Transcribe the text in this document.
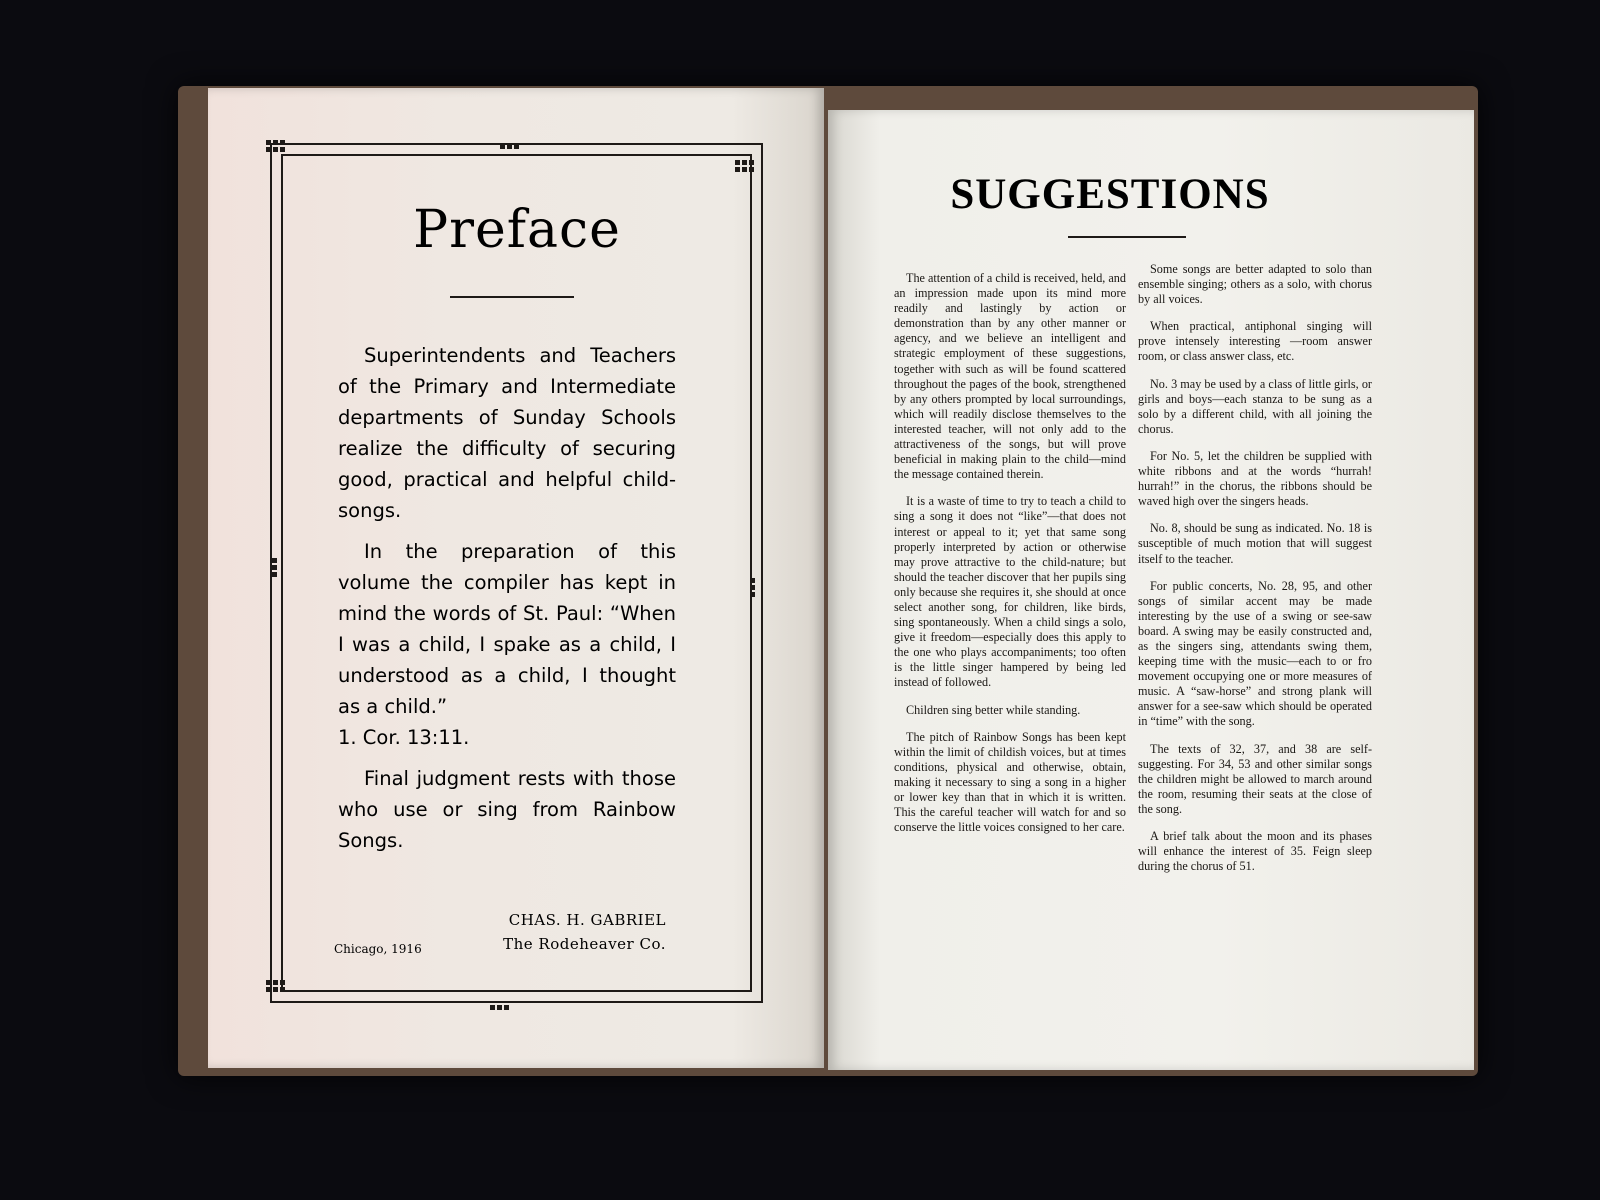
Preface

Superintendents and Teachers of the Primary and Intermediate departments of Sunday Schools realize the difficulty of securing good, practical and helpful child-songs.

In the preparation of this volume the compiler has kept in mind the words of St. Paul: “When I was a child, I spake as a child, I understood as a child, I thought as a child.”

1. Cor. 13:11.

Final judgment rests with those who use or sing from Rainbow Songs.

CHAS. H. GABRIEL
The Rodeheaver Co.
Chicago, 1916
SUGGESTIONS

The attention of a child is received, held, and an impression made upon its mind more readily and lastingly by action or demonstration than by any other manner or agency, and we believe an intelligent and strategic employment of these suggestions, together with such as will be found scattered throughout the pages of the book, strengthened by any others prompted by local surroundings, which will readily disclose themselves to the interested teacher, will not only add to the attractiveness of the songs, but will prove beneficial in making plain to the child—mind the message contained therein.

It is a waste of time to try to teach a child to sing a song it does not “like”—that does not interest or appeal to it; yet that same song properly interpreted by action or otherwise may prove attractive to the child-nature; but should the teacher discover that her pupils sing only because she requires it, she should at once select another song, for children, like birds, sing spontaneously. When a child sings a solo, give it freedom—especially does this apply to the one who plays accompaniments; too often is the little singer hampered by being led instead of followed.

Children sing better while standing.

The pitch of Rainbow Songs has been kept within the limit of childish voices, but at times conditions, physical and otherwise, obtain, making it necessary to sing a song in a higher or lower key than that in which it is written. This the careful teacher will watch for and so conserve the little voices consigned to her care.

Some songs are better adapted to solo than ensemble singing; others as a solo, with chorus by all voices.

When practical, antiphonal singing will prove intensely interesting —room answer room, or class answer class, etc.

No. 3 may be used by a class of little girls, or girls and boys—each stanza to be sung as a solo by a different child, with all joining the chorus.

For No. 5, let the children be supplied with white ribbons and at the words “hurrah! hurrah!” in the chorus, the ribbons should be waved high over the singers heads.

No. 8, should be sung as indicated. No. 18 is susceptible of much motion that will suggest itself to the teacher.

For public concerts, No. 28, 95, and other songs of similar accent may be made interesting by the use of a swing or see-saw board. A swing may be easily constructed and, as the singers sing, attendants swing them, keeping time with the music—each to or fro movement occupying one or more measures of music. A “saw-horse” and strong plank will answer for a see-saw which should be operated in “time” with the song.

The texts of 32, 37, and 38 are self-suggesting. For 34, 53 and other similar songs the children might be allowed to march around the room, resuming their seats at the close of the song.

A brief talk about the moon and its phases will enhance the interest of 35. Feign sleep during the chorus of 51.
